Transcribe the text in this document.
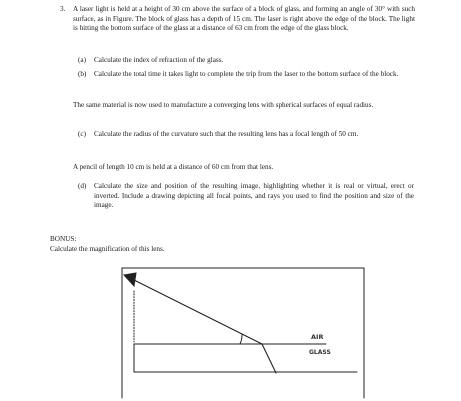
3. A laser light is held at a height of 30 cm above the surface of a block of glass, and forming an angle of 30° with such surface, as in Figure. The block of glass has a depth of 15 cm. The laser is right above the edge of the block. The light is hitting the bottom surface of the glass at a distance of 63 cm from the edge of the glass block.
(a) Calculate the index of refraction of the glass.
(b) Calculate the total time it takes light to complete the trip from the laser to the bottom surface of the block.
The same material is now used to manufacture a converging lens with spherical surfaces of equal radius.
(c) Calculate the radius of the curvature such that the resulting lens has a focal length of 50 cm.
A pencil of length 10 cm is held at a distance of 60 cm from that lens.
(d) Calculate the size and position of the resulting image, highlighting whether it is real or virtual, erect or inverted. Include a drawing depicting all focal points, and rays you used to find the position and size of the image.
BONUS:
Calculate the magnification of this lens.
AIR
GLASS
